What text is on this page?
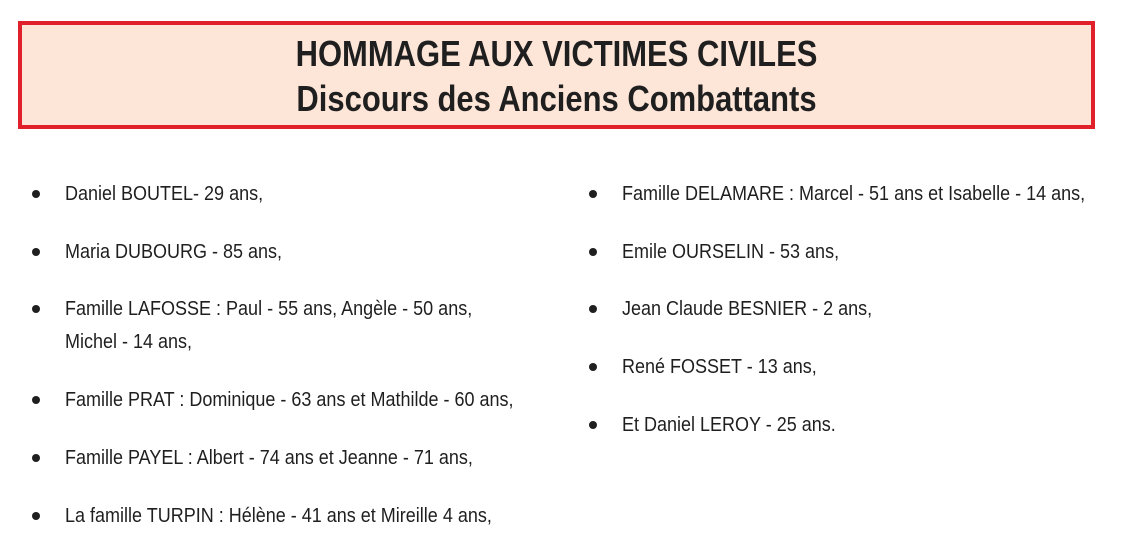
HOMMAGE AUX VICTIMES CIVILES
Discours des Anciens Combattants
Daniel BOUTEL- 29 ans,
Maria DUBOURG - 85 ans,
Famille LAFOSSE : Paul - 55 ans, Angèle - 50 ans,
Michel - 14 ans,
Famille PRAT : Dominique - 63 ans et Mathilde - 60 ans,
Famille PAYEL : Albert - 74 ans et Jeanne - 71 ans,
La famille TURPIN : Hélène - 41 ans et Mireille 4 ans,
Famille DELAMARE : Marcel - 51 ans et Isabelle - 14 ans,
Emile OURSELIN - 53 ans,
Jean Claude BESNIER - 2 ans,
René FOSSET - 13 ans,
Et Daniel LEROY - 25 ans.
